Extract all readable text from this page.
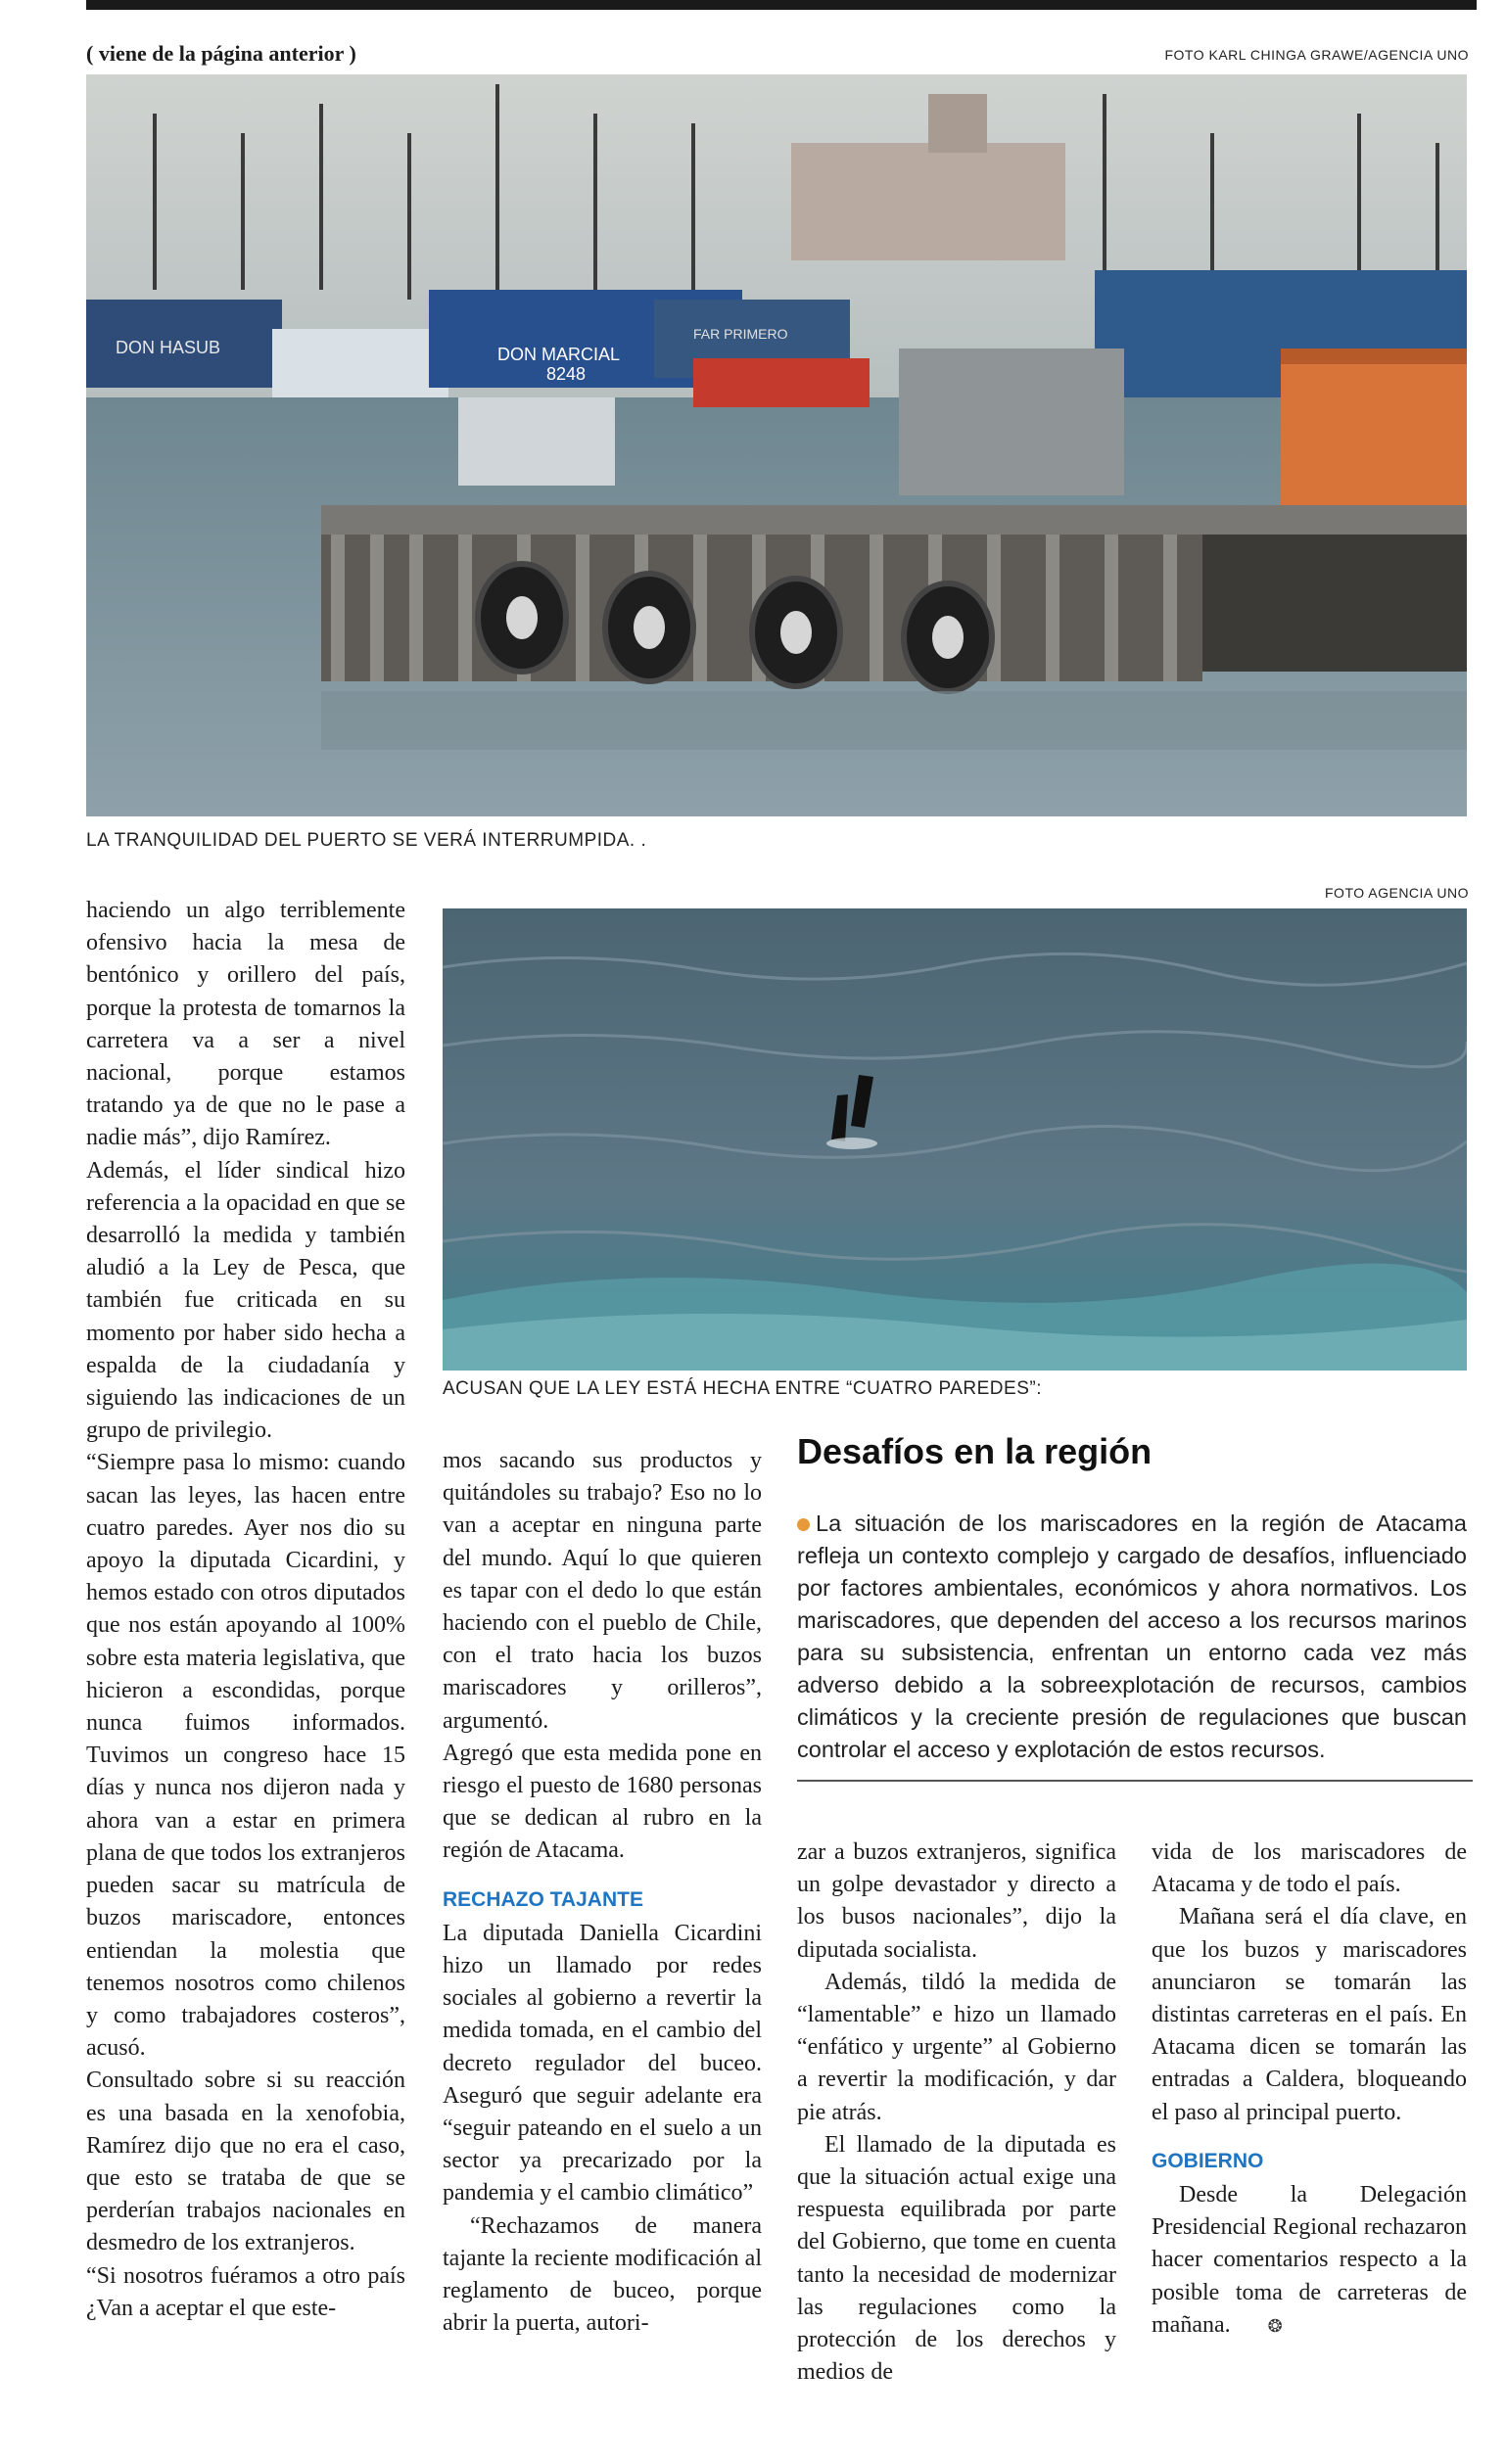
( viene de la página anterior )	FOTO KARL CHINGA GRAWE/AGENCIA UNO
DON HASUB	DON MARCIAL
8248
FAR PRIMERO
LA TRANQUILIDAD DEL PUERTO SE VERÁ INTERRUMPIDA. .
FOTO AGENCIA UNO
ACUSAN QUE LA LEY ESTÁ HECHA ENTRE “CUATRO PAREDES”:

haciendo un algo terriblemente ofensivo hacia la mesa de bentónico y orillero del país, porque la protesta de tomarnos la carretera va a ser a nivel nacional, porque estamos tratando ya de que no le pase a nadie más”, dijo Ramírez.

Además, el líder sindical hizo referencia a la opacidad en que se desarrolló la medida y también aludió a la Ley de Pesca, que también fue criticada en su momento por haber sido hecha a espalda de la ciudadanía y siguiendo las indicaciones de un grupo de privilegio.

“Siempre pasa lo mismo: cuando sacan las leyes, las hacen entre cuatro paredes. Ayer nos dio su apoyo la diputada Cicardini, y hemos estado con otros diputados que nos están apoyando al 100% sobre esta materia legislativa, que hicieron a escondidas, porque nunca fuimos informados. Tuvimos un congreso hace 15 días y nunca nos dijeron nada y ahora van a estar en primera plana de que todos los extranjeros pueden sacar su matrícula de buzos mariscadore, entonces entiendan la molestia que tenemos nosotros como chilenos y como trabajadores costeros”, acusó.

Consultado sobre si su reacción es una basada en la xenofobia, Ramírez dijo que no era el caso, que esto se trataba de que se perderían trabajos nacionales en desmedro de los extranjeros.

“Si nosotros fuéramos a otro país ¿Van a aceptar el que este-

mos sacando sus productos y quitándoles su trabajo? Eso no lo van a aceptar en ninguna parte del mundo. Aquí lo que quieren es tapar con el dedo lo que están haciendo con el pueblo de Chile, con el trato hacia los buzos mariscadores y orilleros”, argumentó.

Agregó que esta medida pone en riesgo el puesto de 1680 personas que se dedican al rubro en la región de Atacama.

RECHAZO TAJANTE

La diputada Daniella Cicardini hizo un llamado por redes sociales al gobierno a revertir la medida tomada, en el cambio del decreto regulador del buceo. Aseguró que seguir adelante era “seguir pateando en el suelo a un sector ya precarizado por la pandemia y el cambio climático”

“Rechazamos de manera tajante la reciente modificación al reglamento de buceo, porque abrir la puerta, autori-

Desafíos en la región
La situación de los mariscadores en la región de Atacama refleja un contexto complejo y cargado de desafíos, influenciado por factores ambientales, económicos y ahora normativos. Los mariscadores, que dependen del acceso a los recursos marinos para su subsistencia, enfrentan un entorno cada vez más adverso debido a la sobreexplotación de recursos, cambios climáticos y la creciente presión de regulaciones que buscan controlar el acceso y explotación de estos recursos.

zar a buzos extranjeros, significa un golpe devastador y directo a los busos nacionales”, dijo la diputada socialista.

Además, tildó la medida de “lamentable” e hizo un llamado “enfático y urgente” al Gobierno a revertir la modificación, y dar pie atrás.

El llamado de la diputada es que la situación actual exige una respuesta equilibrada por parte del Gobierno, que tome en cuenta tanto la necesidad de modernizar las regulaciones como la protección de los derechos y medios de

vida de los mariscadores de Atacama y de todo el país.

Mañana será el día clave, en que los buzos y mariscadores anunciaron se tomarán las distintas carreteras en el país. En Atacama dicen se tomarán las entradas a Caldera, bloqueando el paso al principal puerto.

GOBIERNO

Desde la Delegación Presidencial Regional rechazaron hacer comentarios respecto a la posible toma de carreteras de mañana. ❂
